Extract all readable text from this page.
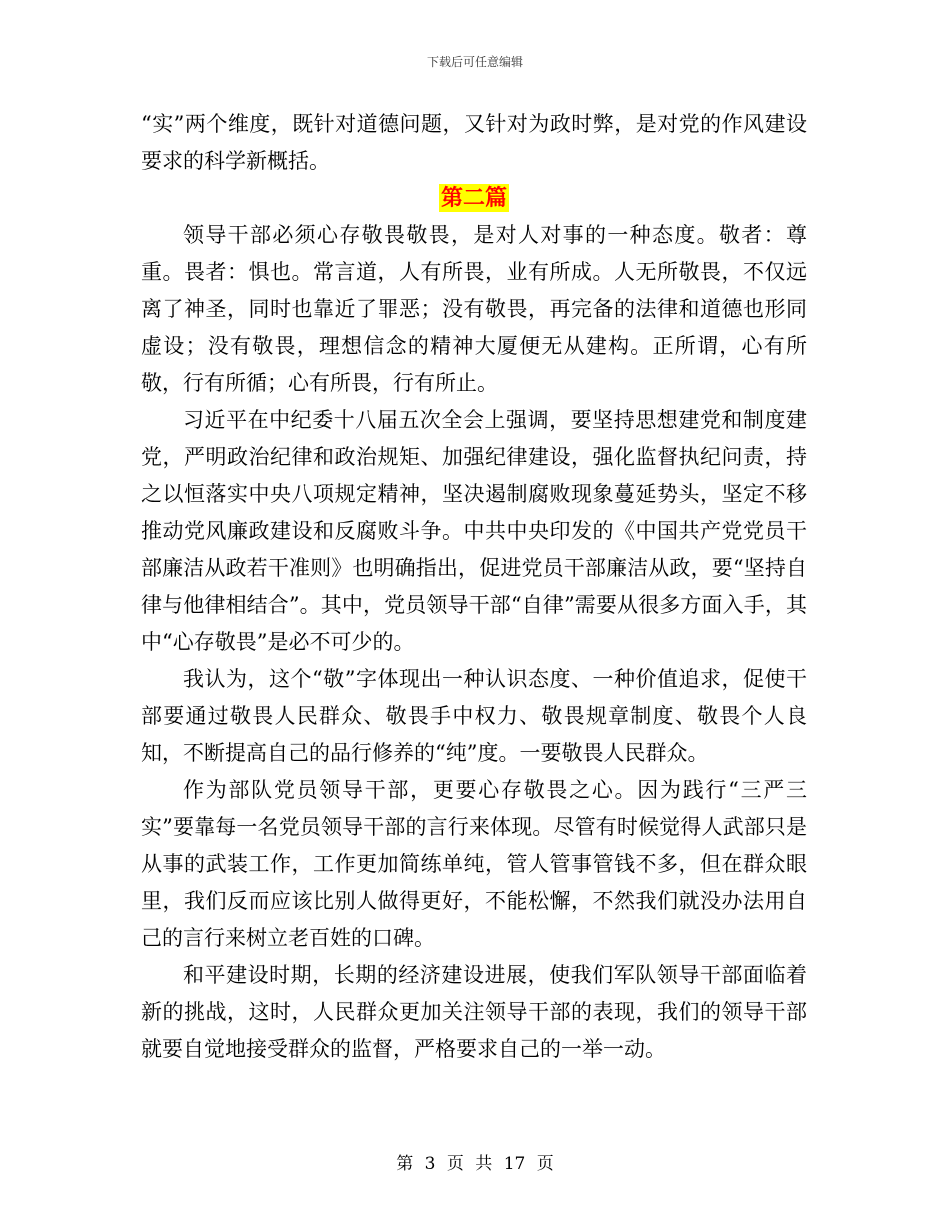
下载后可任意编辑

“实”两个维度，既针对道德问题，又针对为政时弊，是对党的作风建设要求的科学新概括。

第二篇

领导干部必须心存敬畏敬畏，是对人对事的一种态度。敬者：尊重。畏者：惧也。常言道，人有所畏，业有所成。人无所敬畏，不仅远离了神圣，同时也靠近了罪恶；没有敬畏，再完备的法律和道德也形同虚设；没有敬畏，理想信念的精神大厦便无从建构。正所谓，心有所敬，行有所循；心有所畏，行有所止。

习近平在中纪委十八届五次全会上强调，要坚持思想建党和制度建党，严明政治纪律和政治规矩、加强纪律建设，强化监督执纪问责，持之以恒落实中央八项规定精神，坚决遏制腐败现象蔓延势头，坚定不移推动党风廉政建设和反腐败斗争。中共中央印发的《中国共产党党员干部廉洁从政若干准则》也明确指出，促进党员干部廉洁从政，要“坚持自律与他律相结合”。其中，党员领导干部“自律”需要从很多方面入手，其中“心存敬畏”是必不可少的。

我认为，这个“敬”字体现出一种认识态度、一种价值追求，促使干部要通过敬畏人民群众、敬畏手中权力、敬畏规章制度、敬畏个人良知，不断提高自己的品行修养的“纯”度。一要敬畏人民群众。

作为部队党员领导干部，更要心存敬畏之心。因为践行“三严三实”要靠每一名党员领导干部的言行来体现。尽管有时候觉得人武部只是从事的武装工作，工作更加简练单纯，管人管事管钱不多，但在群众眼里，我们反而应该比别人做得更好，不能松懈，不然我们就没办法用自己的言行来树立老百姓的口碑。

和平建设时期，长期的经济建设进展，使我们军队领导干部面临着新的挑战，这时，人民群众更加关注领导干部的表现，我们的领导干部就要自觉地接受群众的监督，严格要求自己的一举一动。

第 3 页 共 17 页
